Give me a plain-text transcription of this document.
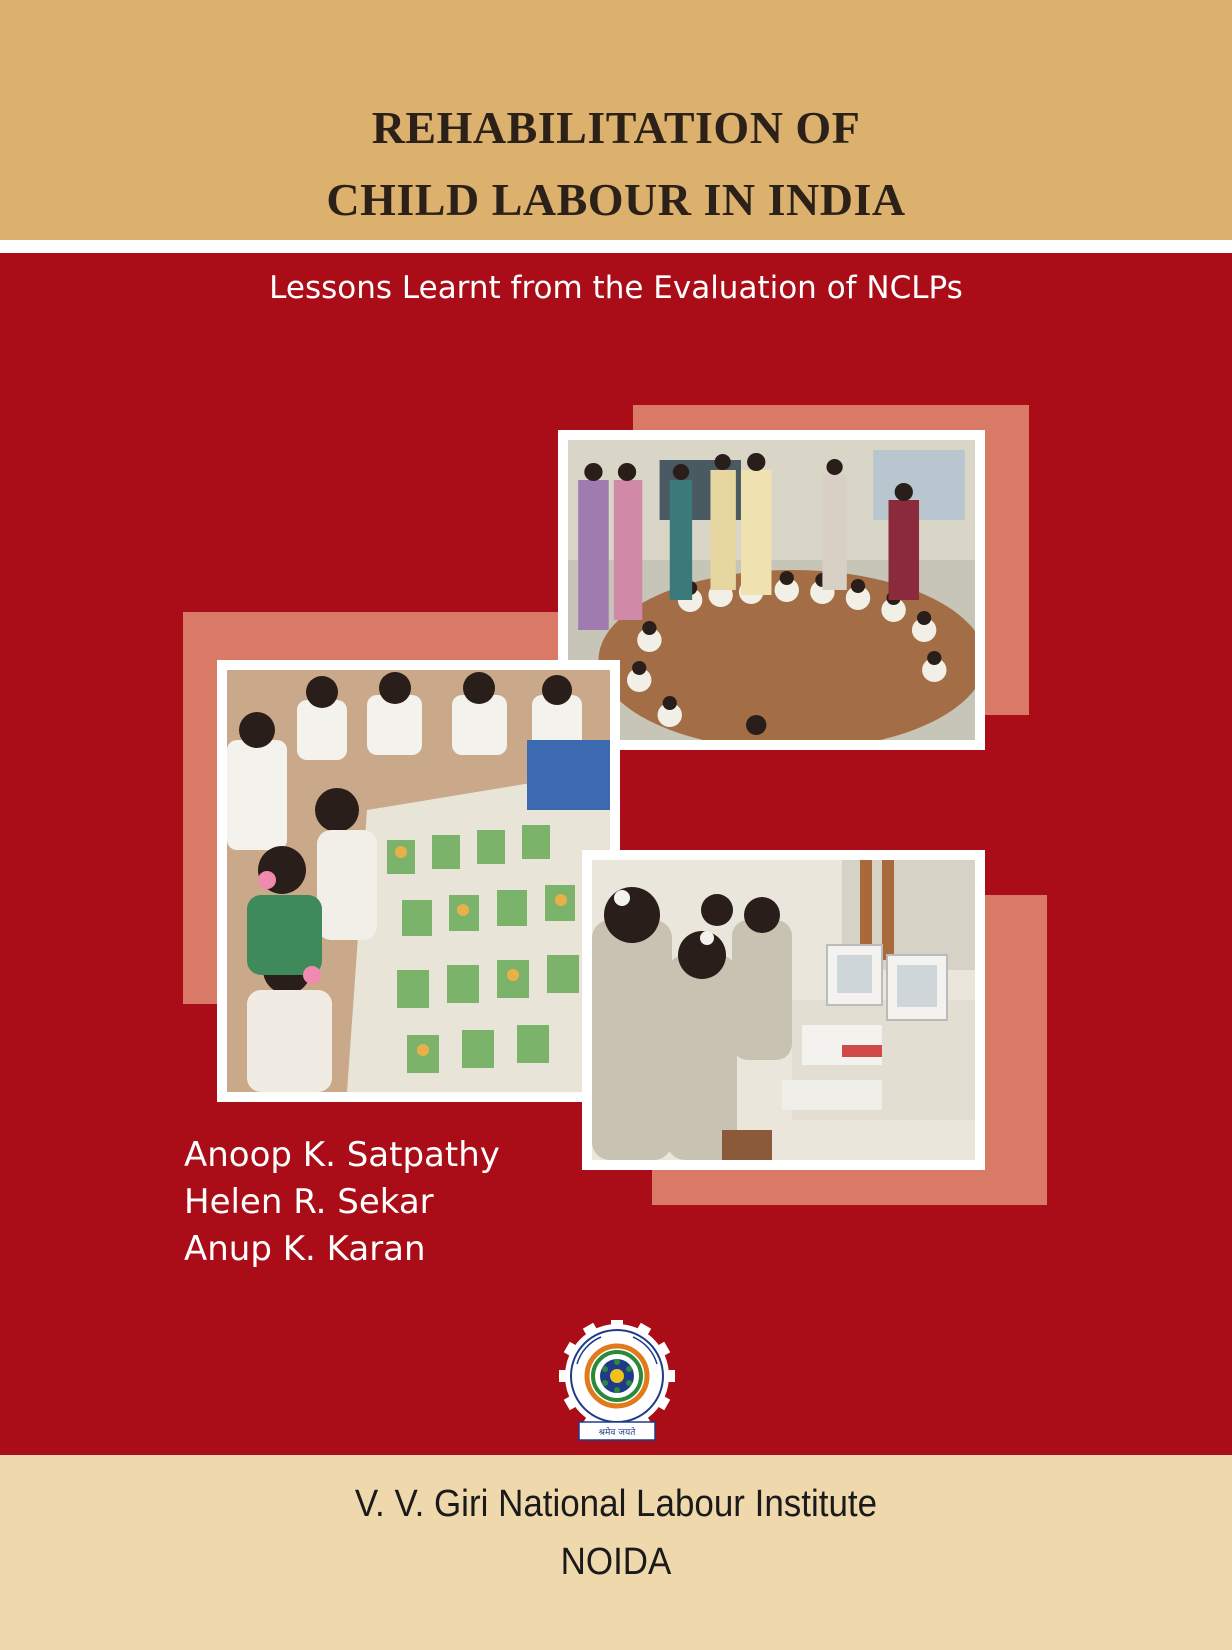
REHABILITATION OF
CHILD LABOUR IN INDIA
Lessons Learnt from the Evaluation of NCLPs
Anoop K. Satpathy
Helen R. Sekar
Anup K. Karan
श्रमेव जयते
V. V. Giri National Labour Institute
NOIDA
